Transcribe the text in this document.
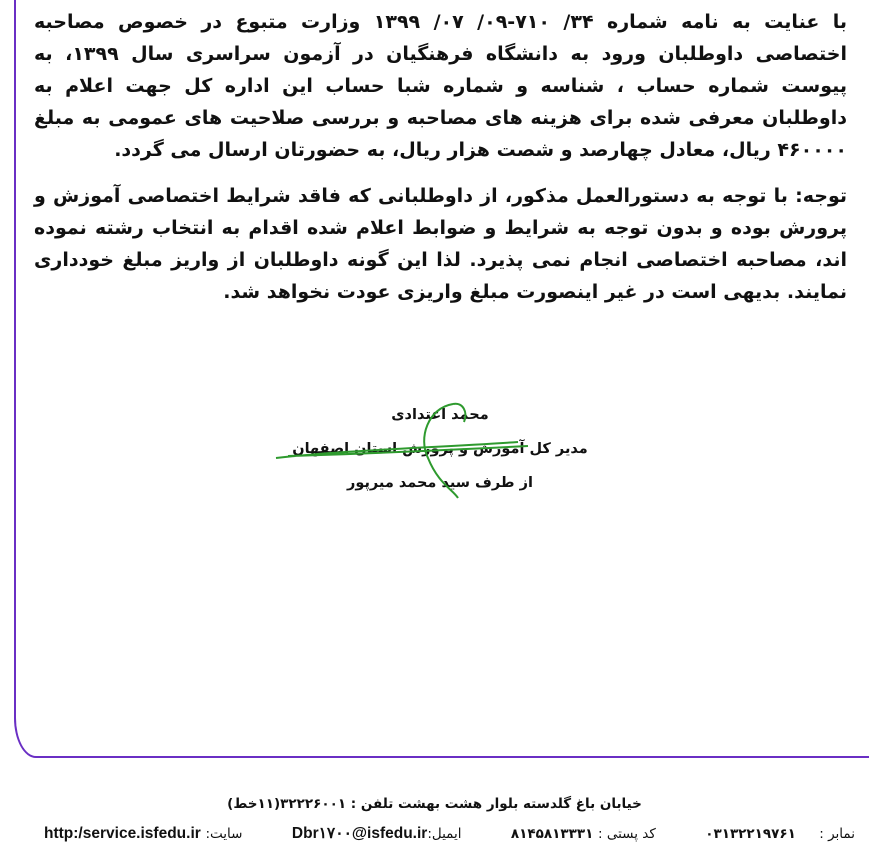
با عنایت به نامه شماره ۳۴/ ۷۱۰-۰۹/ ۰۷/ ۱۳۹۹ وزارت متبوع در خصوص مصاحبه اختصاصی داوطلبان ورود به دانشگاه فرهنگیان در آزمون سراسری سال ۱۳۹۹، به پیوست شماره حساب ، شناسه و شماره شبا حساب این اداره کل جهت اعلام به داوطلبان معرفی شده برای هزینه های مصاحبه و بررسی صلاحیت های عمومی به مبلغ ۴۶۰۰۰۰ ریال، معادل چهارصد و شصت هزار ریال، به حضورتان ارسال می گردد.

توجه: با توجه به دستورالعمل مذکور، از داوطلبانی که فاقد شرایط اختصاصی آموزش و پرورش بوده و بدون توجه به شرایط و ضوابط اعلام شده اقدام به انتخاب رشته نموده اند، مصاحبه اختصاصی انجام نمی پذیرد. لذا این گونه داوطلبان از واریز مبلغ خودداری نمایند. بدیهی است در غیر اینصورت مبلغ واریزی عودت نخواهد شد.

محمد اعتدادی
مدیر کل آموزش و پرورش استان اصفهان
از طرف سید محمد میرپور
خیابان باغ گلدسته بلوار هشت بهشت تلفن : ۳۲۲۲۶۰۰۱(۱۱خط)
نمابر :  ۰۳۱۳۲۲۱۹۷۶۱
کد پستی : ۸۱۴۵۸۱۳۳۳۱
ایمیل:Dbr۱۷۰۰@isfedu.ir
سایت: http:/service.isfedu.ir
